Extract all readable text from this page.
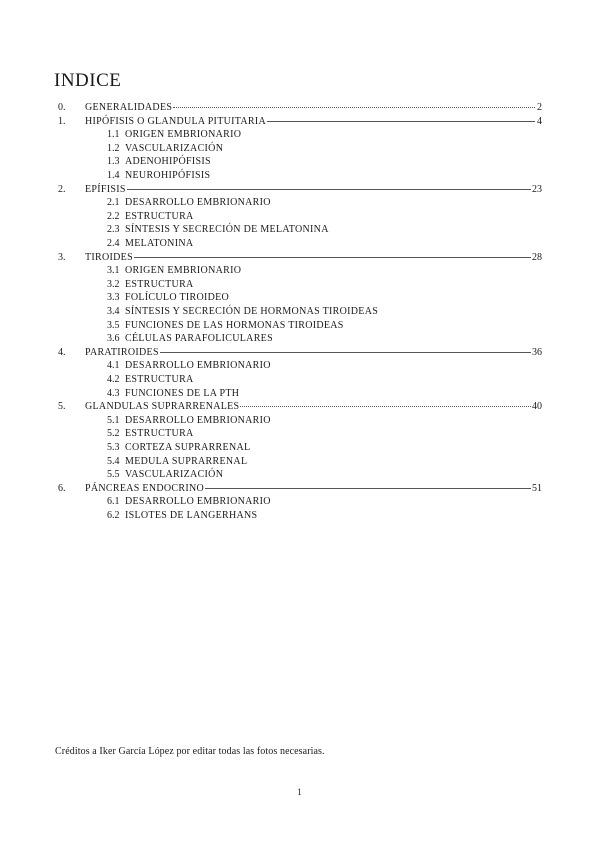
INDICE
0.	GENERALIDADES	2
1.	HIPÓFISIS O GLANDULA PITUITARIA	4
1.1 ORIGEN EMBRIONARIO
1.2 VASCULARIZACIÓN
1.3 ADENOHIPÓFISIS
1.4 NEUROHIPÓFISIS
2.	EPÍFISIS	23
2.1 DESARROLLO EMBRIONARIO
2.2 ESTRUCTURA
2.3 SÍNTESIS Y SECRECIÓN DE MELATONINA
2.4 MELATONINA
3.	TIROIDES	28
3.1 ORIGEN EMBRIONARIO
3.2 ESTRUCTURA
3.3 FOLÍCULO TIROIDEO
3.4 SÍNTESIS Y SECRECIÓN DE HORMONAS TIROIDEAS
3.5 FUNCIONES DE LAS HORMONAS TIROIDEAS
3.6 CÉLULAS PARAFOLICULARES
4.	PARATIROIDES	36
4.1 DESARROLLO EMBRIONARIO
4.2 ESTRUCTURA
4.3 FUNCIONES DE LA PTH
5.	GLANDULAS SUPRARRENALES	40
5.1 DESARROLLO EMBRIONARIO
5.2 ESTRUCTURA
5.3 CORTEZA SUPRARRENAL
5.4 MEDULA SUPRARRENAL
5.5 VASCULARIZACIÓN
6.	PÁNCREAS ENDOCRINO	51
6.1 DESARROLLO EMBRIONARIO
6.2 ISLOTES DE LANGERHANS
Créditos a Iker García López por editar todas las fotos necesarias.
1
